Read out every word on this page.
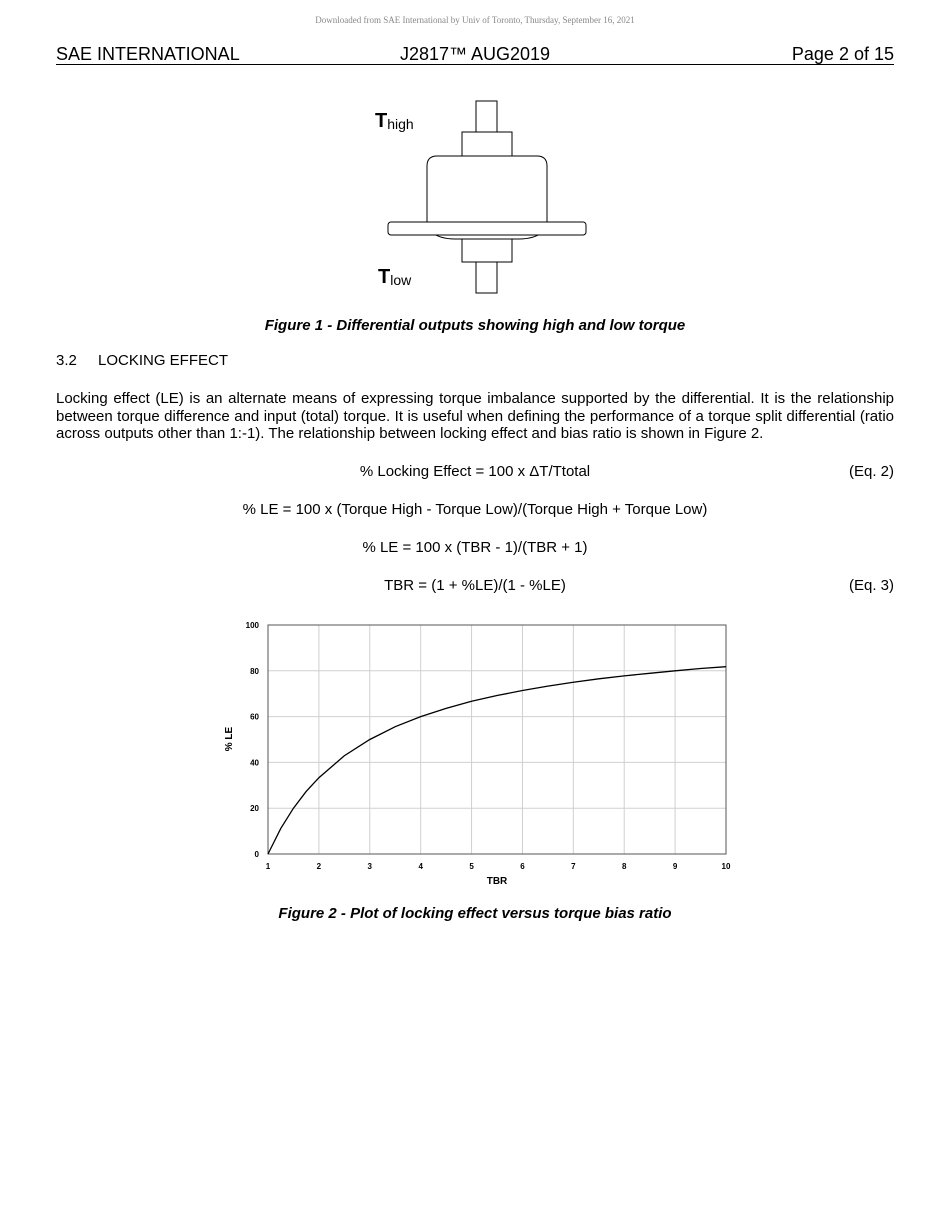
Downloaded from SAE International by Univ of Toronto, Thursday, September 16, 2021
SAE INTERNATIONAL	J2817™ AUG2019	Page 2 of 15
Thigh
Tlow
Figure 1 - Differential outputs showing high and low torque
3.2 LOCKING EFFECT
Locking effect (LE) is an alternate means of expressing torque imbalance supported by the differential. It is the relationship between torque difference and input (total) torque. It is useful when defining the performance of a torque split differential (ratio across outputs other than 1:-1). The relationship between locking effect and bias ratio is shown in Figure 2.
% Locking Effect = 100 x ΔT/Ttotal	(Eq. 2)
% LE = 100 x (Torque High - Torque Low)/(Torque High + Torque Low)
% LE = 100 x (TBR - 1)/(TBR + 1)
TBR = (1 + %LE)/(1 - %LE)	(Eq. 3)
1	2	3	4	5	6	7	8	9	10
0
20
40
60
80
100
TBR
% LE
Figure 2 - Plot of locking effect versus torque bias ratio
